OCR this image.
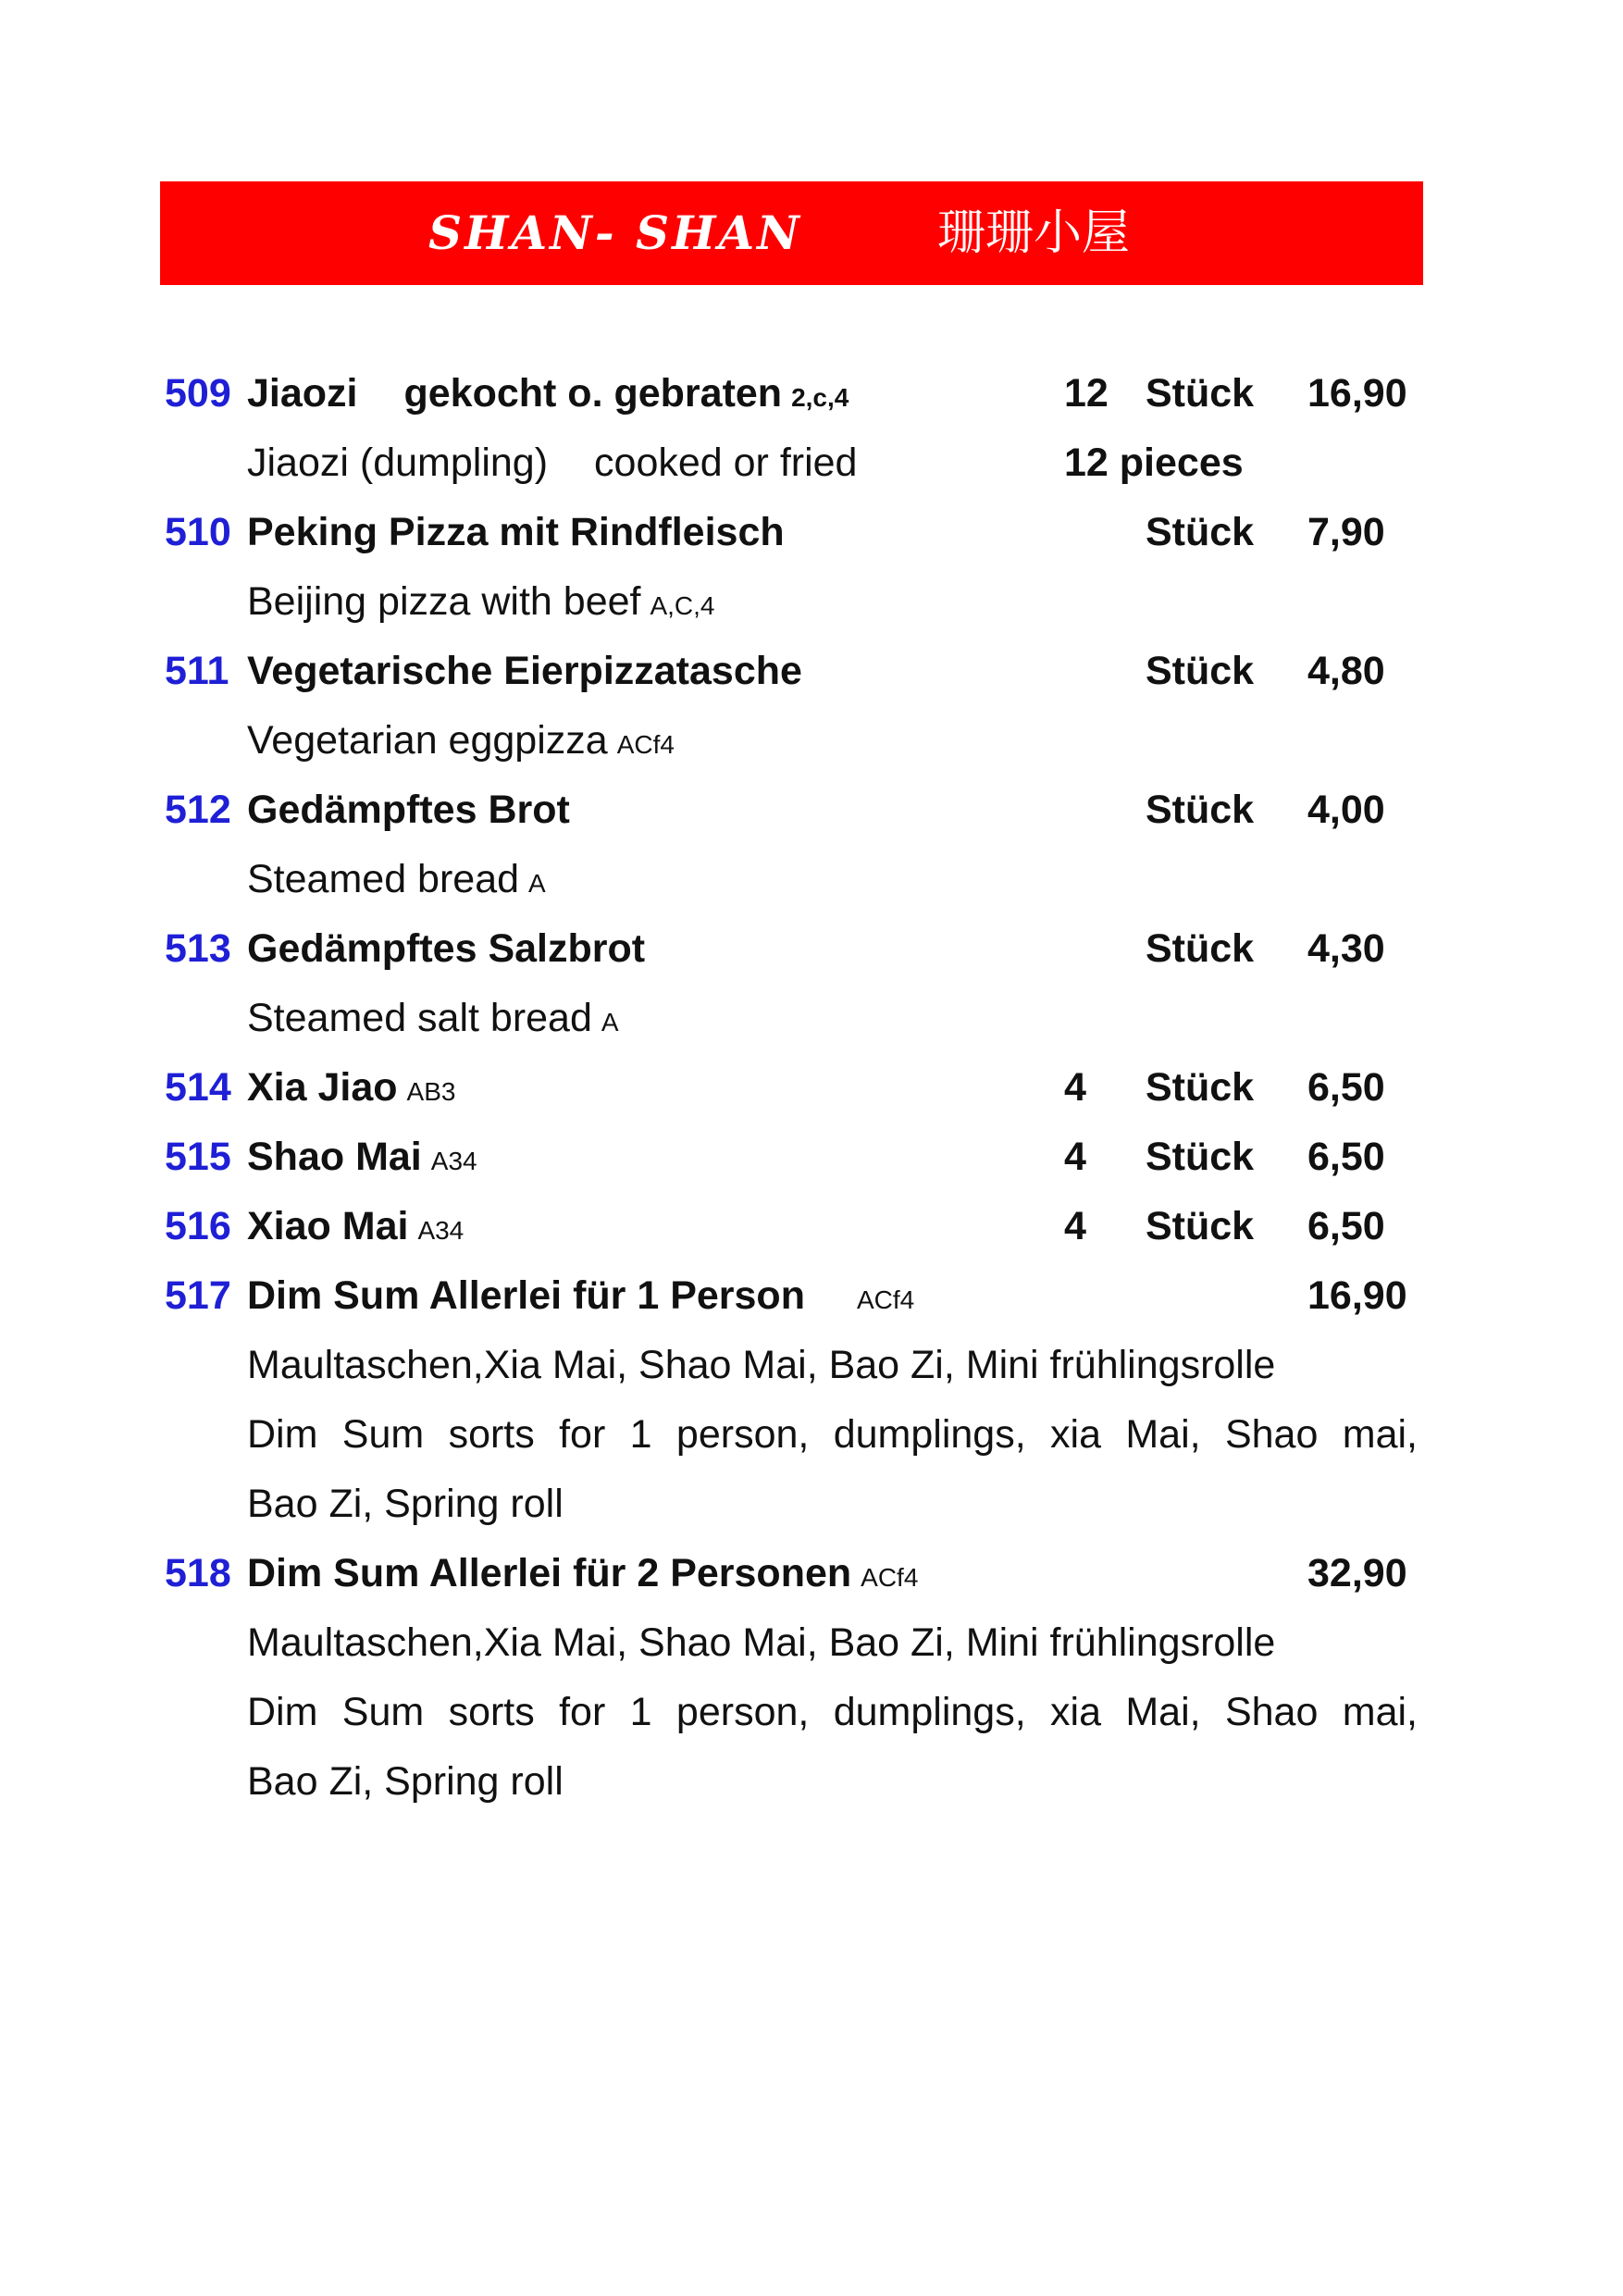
SHAN- SHAN	珊珊小屋
509 Jiaozi gekocht o. gebraten 2,c,4	12 Stück 16,90
Jiaozi (dumpling) cooked or fried	12 pieces
510 Peking Pizza mit Rindfleisch	Stück 7,90
Beijing pizza with beef A,C,4
511 Vegetarische Eierpizzatasche	Stück 4,80
Vegetarian eggpizza ACf4
512 Gedämpftes Brot	Stück 4,00
Steamed bread A
513 Gedämpftes Salzbrot	Stück 4,30
Steamed salt bread A
514 Xia Jiao AB3	4 Stück 6,50
515 Shao Mai A34	4 Stück 6,50
516 Xiao Mai A34	4 Stück 6,50
517 Dim Sum Allerlei für 1 Person ACf4	16,90
Maultaschen,Xia Mai, Shao Mai, Bao Zi, Mini frühlingsrolle
Dim Sum sorts for 1 person, dumplings, xia Mai, Shao mai,
Bao Zi, Spring roll
518 Dim Sum Allerlei für 2 Personen ACf4	32,90
Maultaschen,Xia Mai, Shao Mai, Bao Zi, Mini frühlingsrolle
Dim Sum sorts for 1 person, dumplings, xia Mai, Shao mai,
Bao Zi, Spring roll
